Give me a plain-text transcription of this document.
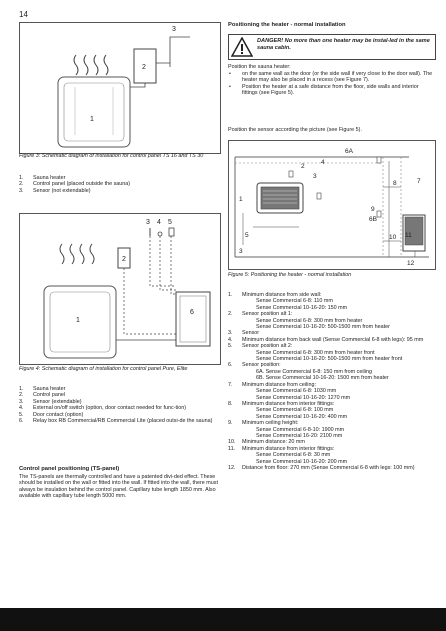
14
3
2
1
Figure 3: Schematic diagram of installation for control panel TS 16 and TS 30
1. Sauna heater
2. Control panel (placed outside the sauna)
3. Sensor (not extendable)
3 4 5
2
6
1
Figure 4: Schematic diagram of installation for control panel Pure, Elite
1. Sauna heater
2. Control panel
3. Sensor (extendable)
4. External on/off switch (option, door contact needed for func-tion)
5. Door contact (option)
6. Relay box RB Commercial/RB Commercial Lite (placed outsi-de the sauna)
Control panel positioning (TS-panel)
The TS-panels are thermally controlled and have a patented divi-ded effect. These should be installed on the wall or fitted into the wall. If fitted into the wall, there must always be insulation behind the control panel. Capillary tube length 1850 mm. Also available with capillary tube length 5000 mm.
Positioning the heater - normal installation
DANGER! No more than one heater may be instal-led in the same sauna cabin.
Position the sauna heater:
• on the same wall as the door (or the side wall if very close to the door wall). The heater may also be placed in a recess (see Figure 7).
• Position the heater at a safe distance from the floor, side walls and interior fittings (see Figure 5).
Position the sensor according the picture (see Figure 5).
6A
2
4
3
1
7
8
9
6B
5	10 11
3
12
Figure 5: Positioning the heater - normal installation
1. Minimum distance from side wall:
Sense Commercial 6-8: 110 mm
Sense Commercial 10-16-20: 150 mm
2. Sensor position alt 1:
Sense Commercial 6-8: 300 mm from heater
Sense Commercial 10-16-20: 500-1500 mm from heater
3. Sensor
4. Minimum distance from back wall (Sense Commercial 6-8 with legs): 95 mm
5. Sensor position alt 2:
Sense Commercial 6-8: 300 mm from heater front
Sense Commercial 10-16-20: 500-1500 mm from heater front
6. Sensor position:
6A. Sense Commercial 6-8: 150 mm from ceiling
6B. Sense Commercial 10-16-20: 1500 mm from heater
7. Minimum distance from ceiling:
Sense Commercial 6-8: 1030 mm
Sense Commercial 10-16-20: 1270 mm
8. Minimum distance from interior fittings:
Sense Commercial 6-8: 100 mm
Sense Commercial 10-16-20: 400 mm
9. Minimum ceiling height:
Sense Commercial 6-8-10: 1900 mm
Sense Commercial 16-20: 2100 mm
10. Minimum distance: 20 mm
11. Minimum distance from interior fittings:
Sense Commercial 6-8: 30 mm
Sense Commercial 10-16-20: 200 mm
12. Distance from floor: 270 mm (Sense Commercial 6-8 with legs: 100 mm)
